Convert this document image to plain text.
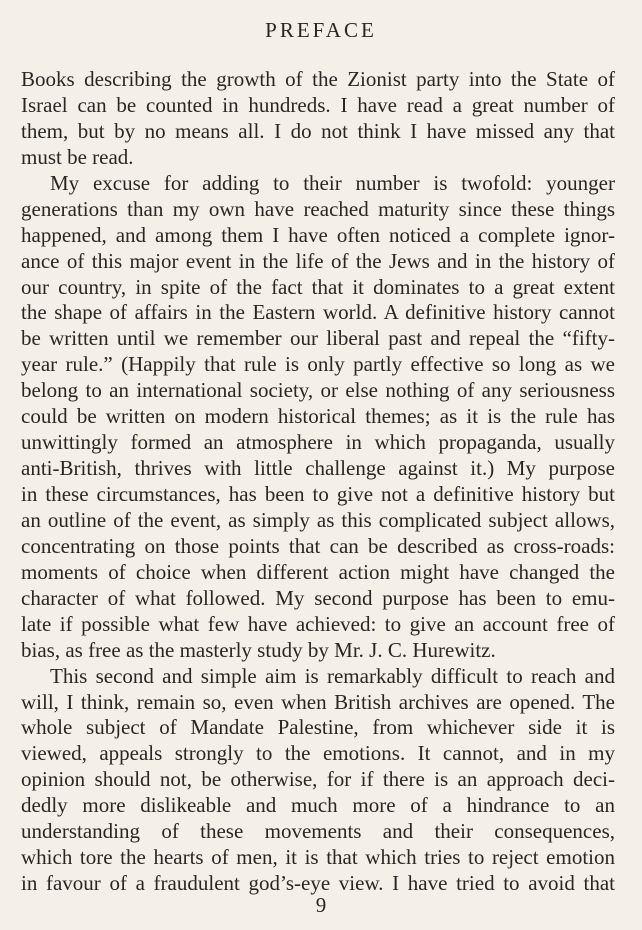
PREFACE
Books describing the growth of the Zionist party into the State of
Israel can be counted in hundreds. I have read a great number of
them, but by no means all. I do not think I have missed any that
must be read.
My excuse for adding to their number is twofold: younger
generations than my own have reached maturity since these things
happened, and among them I have often noticed a complete ignor-
ance of this major event in the life of the Jews and in the history of
our country, in spite of the fact that it dominates to a great extent
the shape of affairs in the Eastern world. A definitive history cannot
be written until we remember our liberal past and repeal the “fifty-
year rule.” (Happily that rule is only partly effective so long as we
belong to an international society, or else nothing of any seriousness
could be written on modern historical themes; as it is the rule has
unwittingly formed an atmosphere in which propaganda, usually
anti-British, thrives with little challenge against it.) My purpose
in these circumstances, has been to give not a definitive history but
an outline of the event, as simply as this complicated subject allows,
concentrating on those points that can be described as cross-roads:
moments of choice when different action might have changed the
character of what followed. My second purpose has been to emu-
late if possible what few have achieved: to give an account free of
bias, as free as the masterly study by Mr. J. C. Hurewitz.
This second and simple aim is remarkably difficult to reach and
will, I think, remain so, even when British archives are opened. The
whole subject of Mandate Palestine, from whichever side it is
viewed, appeals strongly to the emotions. It cannot, and in my
opinion should not, be otherwise, for if there is an approach deci-
dedly more dislikeable and much more of a hindrance to an
understanding of these movements and their consequences,
which tore the hearts of men, it is that which tries to reject emotion
in favour of a fraudulent god’s-eye view. I have tried to avoid that
9
